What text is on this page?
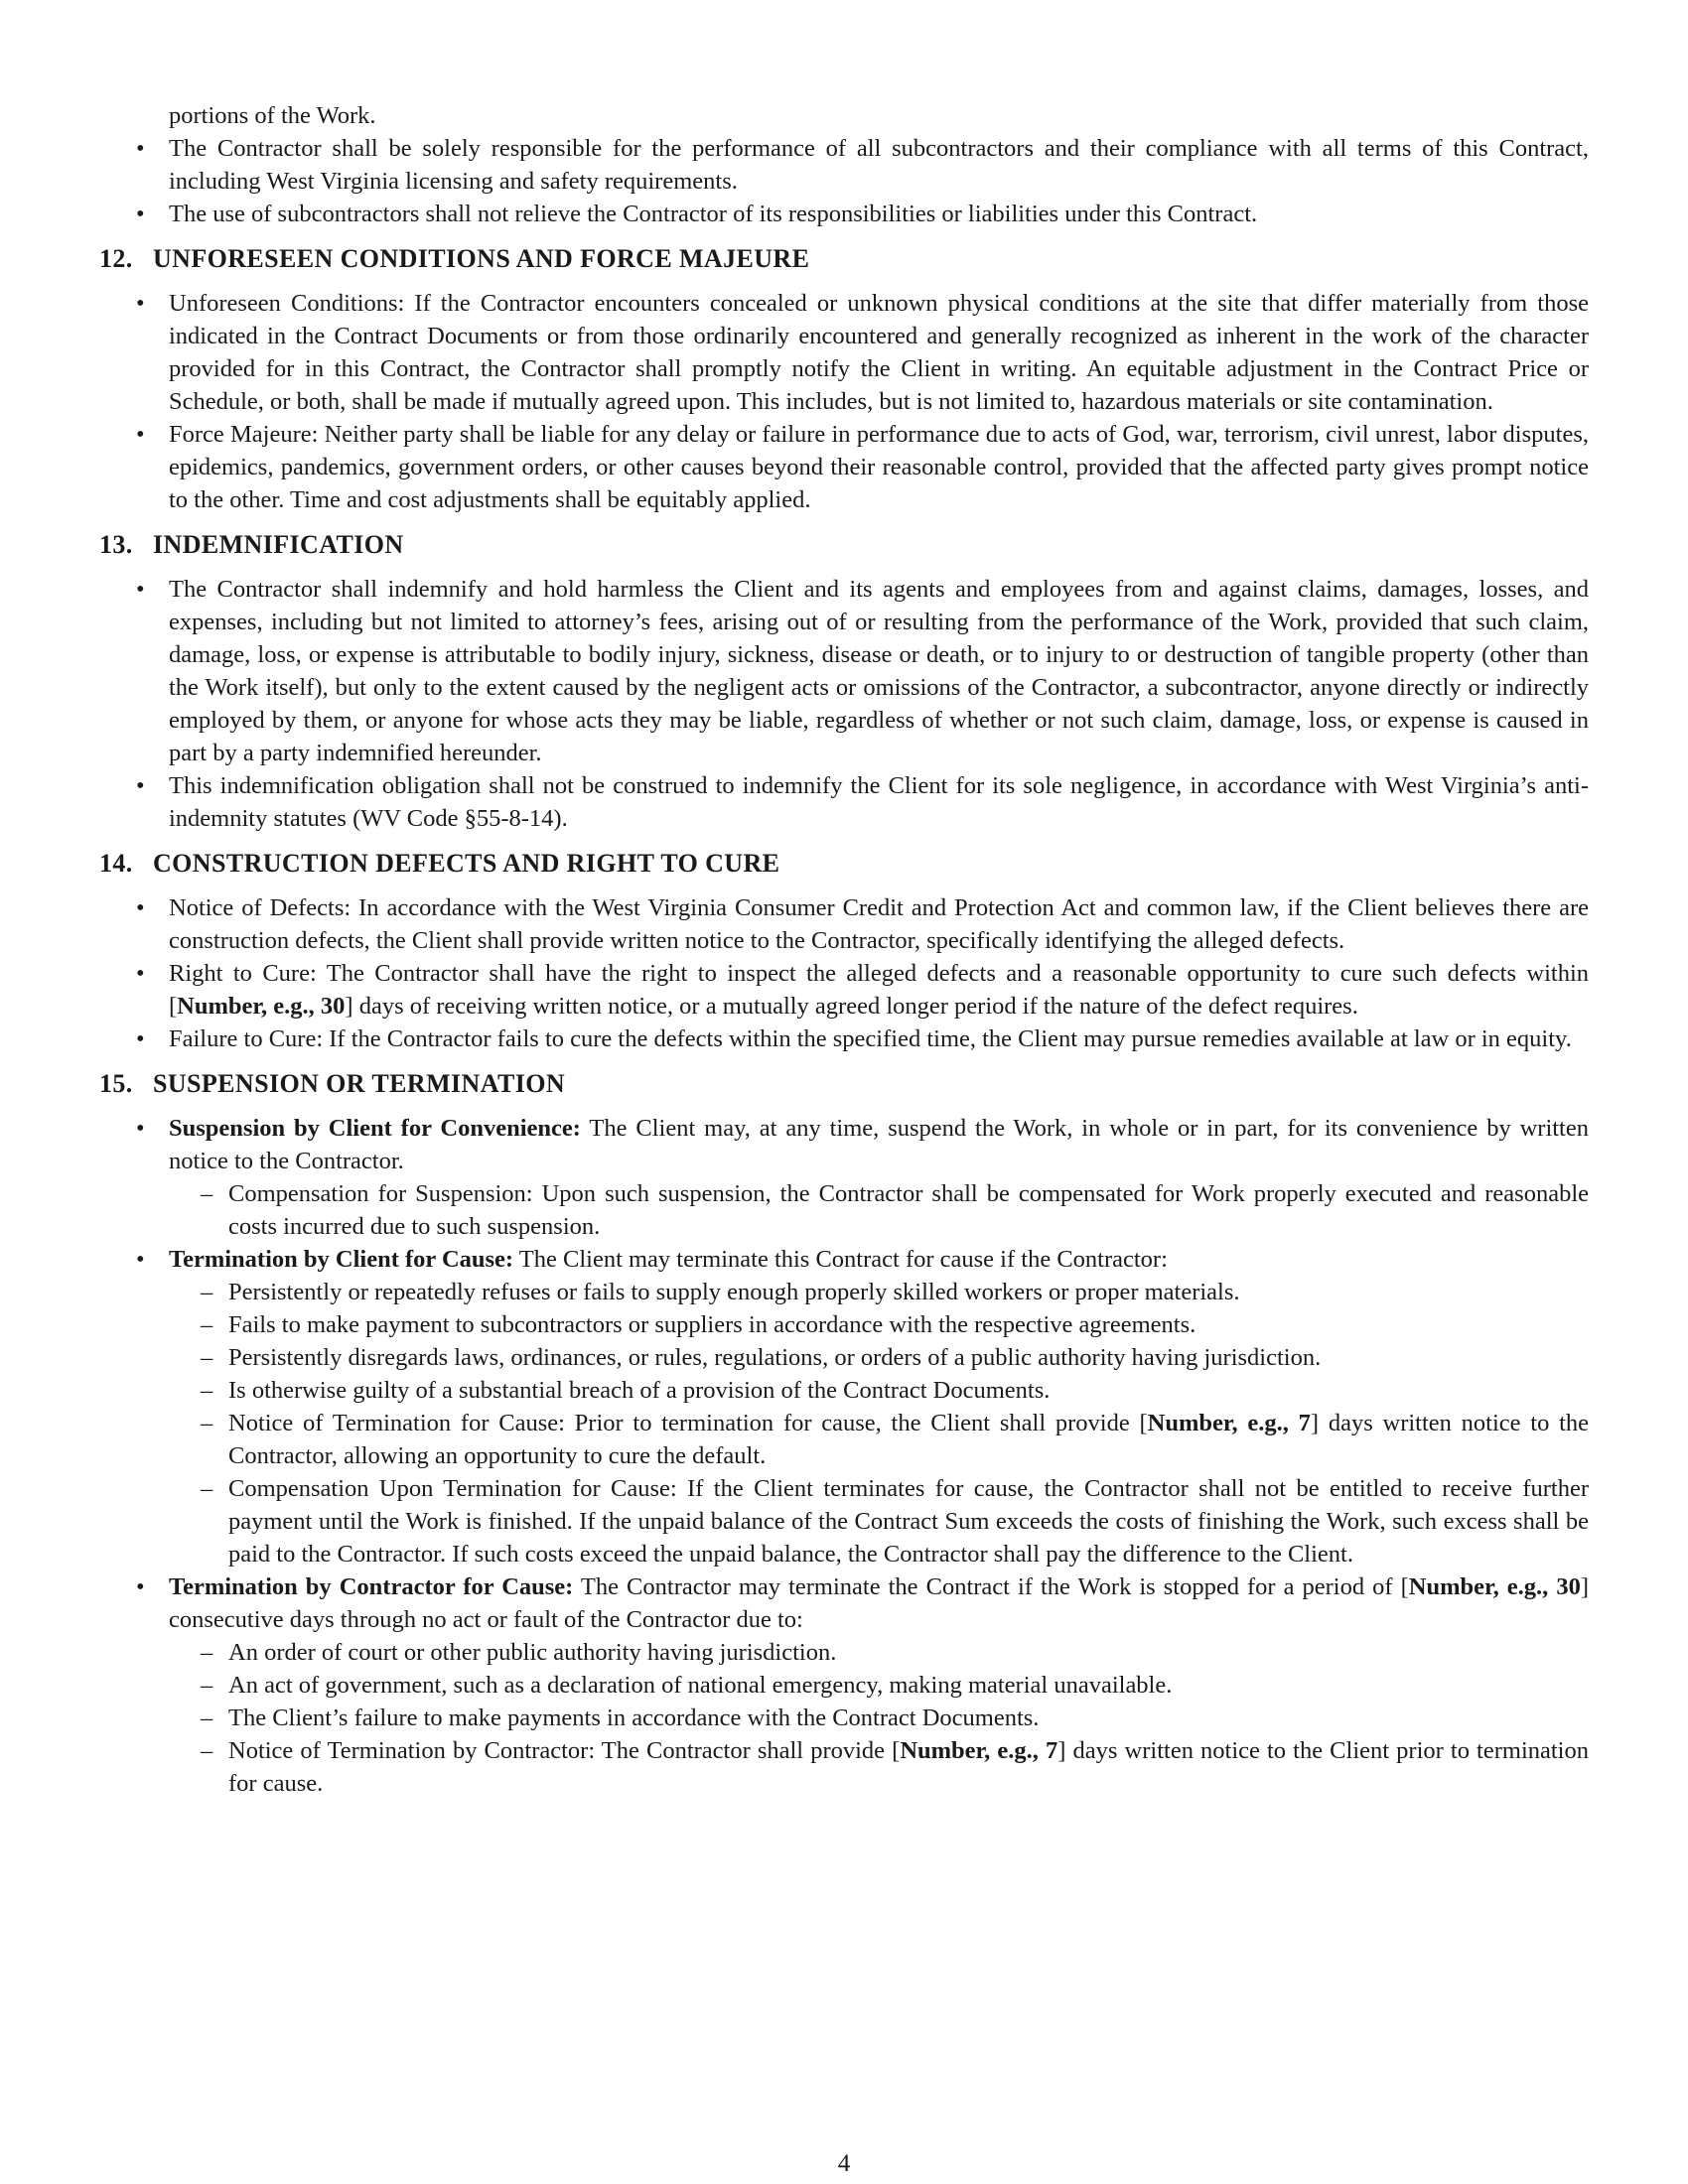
portions of the Work.
• The Contractor shall be solely responsible for the performance of all subcontractors and their compliance with all terms of this Contract, including West Virginia licensing and safety requirements.
• The use of subcontractors shall not relieve the Contractor of its responsibilities or liabilities under this Contract.
12. UNFORESEEN CONDITIONS AND FORCE MAJEURE
• Unforeseen Conditions: If the Contractor encounters concealed or unknown physical conditions at the site that differ materially from those indicated in the Contract Documents or from those ordinarily encountered and generally recognized as inherent in the work of the character provided for in this Contract, the Contractor shall promptly notify the Client in writing. An equitable adjustment in the Contract Price or Schedule, or both, shall be made if mutually agreed upon. This includes, but is not limited to, hazardous materials or site contamination.
• Force Majeure: Neither party shall be liable for any delay or failure in performance due to acts of God, war, terrorism, civil unrest, labor disputes, epidemics, pandemics, government orders, or other causes beyond their reasonable control, provided that the affected party gives prompt notice to the other. Time and cost adjustments shall be equitably applied.
13. INDEMNIFICATION
• The Contractor shall indemnify and hold harmless the Client and its agents and employees from and against claims, damages, losses, and expenses, including but not limited to attorney’s fees, arising out of or resulting from the performance of the Work, provided that such claim, damage, loss, or expense is attributable to bodily injury, sickness, disease or death, or to injury to or destruction of tangible property (other than the Work itself), but only to the extent caused by the negligent acts or omissions of the Contractor, a subcontractor, anyone directly or indirectly employed by them, or anyone for whose acts they may be liable, regardless of whether or not such claim, damage, loss, or expense is caused in part by a party indemnified hereunder.
• This indemnification obligation shall not be construed to indemnify the Client for its sole negligence, in accordance with West Virginia’s anti-indemnity statutes (WV Code §55-8-14).
14. CONSTRUCTION DEFECTS AND RIGHT TO CURE
• Notice of Defects: In accordance with the West Virginia Consumer Credit and Protection Act and common law, if the Client believes there are construction defects, the Client shall provide written notice to the Contractor, specifically identifying the alleged defects.
• Right to Cure: The Contractor shall have the right to inspect the alleged defects and a reasonable opportunity to cure such defects within [Number, e.g., 30] days of receiving written notice, or a mutually agreed longer period if the nature of the defect requires.
• Failure to Cure: If the Contractor fails to cure the defects within the specified time, the Client may pursue remedies available at law or in equity.
15. SUSPENSION OR TERMINATION
• Suspension by Client for Convenience: The Client may, at any time, suspend the Work, in whole or in part, for its convenience by written notice to the Contractor.
– Compensation for Suspension: Upon such suspension, the Contractor shall be compensated for Work properly executed and reasonable costs incurred due to such suspension.
• Termination by Client for Cause: The Client may terminate this Contract for cause if the Contractor:
– Persistently or repeatedly refuses or fails to supply enough properly skilled workers or proper materials.
– Fails to make payment to subcontractors or suppliers in accordance with the respective agreements.
– Persistently disregards laws, ordinances, or rules, regulations, or orders of a public authority having jurisdiction.
– Is otherwise guilty of a substantial breach of a provision of the Contract Documents.
– Notice of Termination for Cause: Prior to termination for cause, the Client shall provide [Number, e.g., 7] days written notice to the Contractor, allowing an opportunity to cure the default.
– Compensation Upon Termination for Cause: If the Client terminates for cause, the Contractor shall not be entitled to receive further payment until the Work is finished. If the unpaid balance of the Contract Sum exceeds the costs of finishing the Work, such excess shall be paid to the Contractor. If such costs exceed the unpaid balance, the Contractor shall pay the difference to the Client.
• Termination by Contractor for Cause: The Contractor may terminate the Contract if the Work is stopped for a period of [Number, e.g., 30] consecutive days through no act or fault of the Contractor due to:
– An order of court or other public authority having jurisdiction.
– An act of government, such as a declaration of national emergency, making material unavailable.
– The Client’s failure to make payments in accordance with the Contract Documents.
– Notice of Termination by Contractor: The Contractor shall provide [Number, e.g., 7] days written notice to the Client prior to termination for cause.
4
